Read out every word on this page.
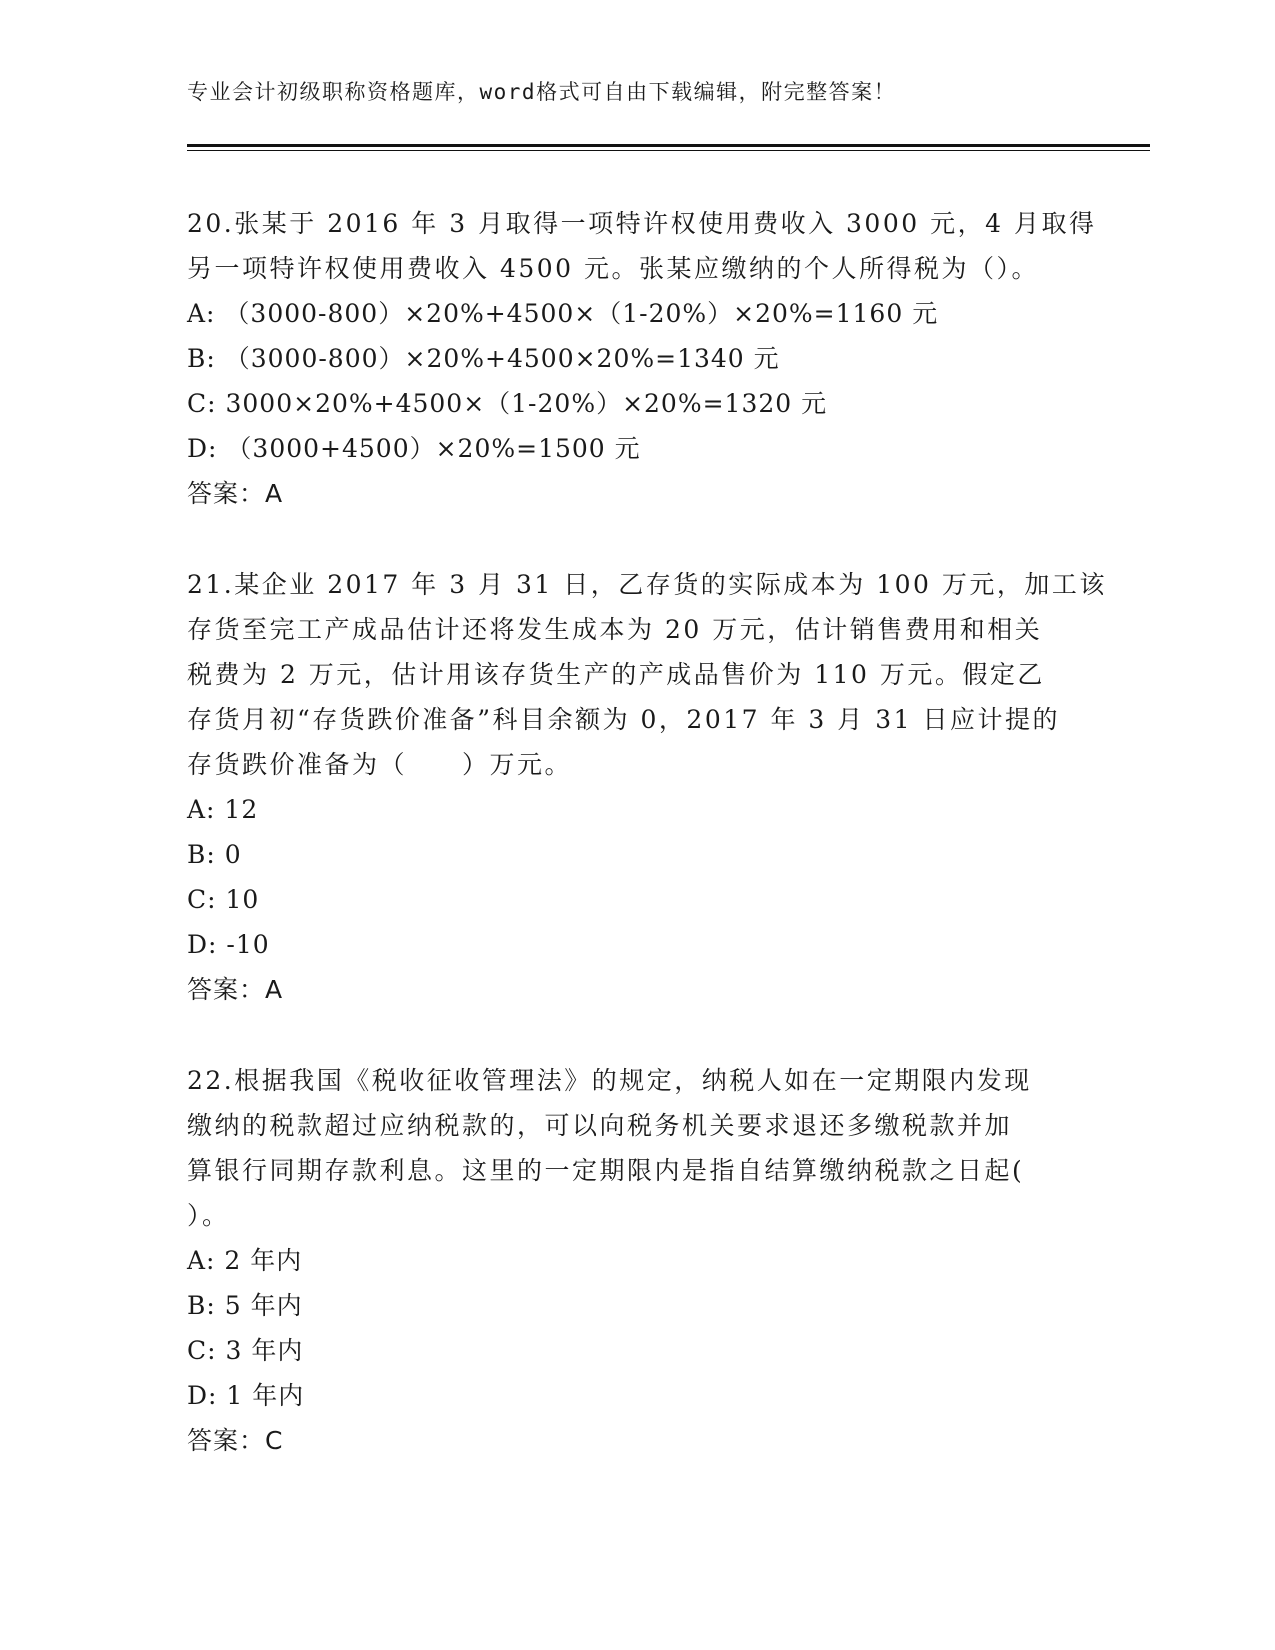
专业会计初级职称资格题库，word格式可自由下载编辑，附完整答案！
20.张某于 2016 年 3 月取得一项特许权使用费收入 3000 元，4 月取得
另一项特许权使用费收入 4500 元。张某应缴纳的个人所得税为（）。
A: （3000-800）×20%+4500×（1-20%）×20%=1160 元
B: （3000-800）×20%+4500×20%=1340 元
C: 3000×20%+4500×（1-20%）×20%=1320 元
D: （3000+4500）×20%=1500 元
答案：A
21.某企业 2017 年 3 月 31 日，乙存货的实际成本为 100 万元，加工该
存货至完工产成品估计还将发生成本为 20 万元，估计销售费用和相关
税费为 2 万元，估计用该存货生产的产成品售价为 110 万元。假定乙
存货月初“存货跌价准备”科目余额为 0，2017 年 3 月 31 日应计提的
存货跌价准备为（　　）万元。
A: 12
B: 0
C: 10
D: -10
答案：A
22.根据我国《税收征收管理法》的规定，纳税人如在一定期限内发现
缴纳的税款超过应纳税款的，可以向税务机关要求退还多缴税款并加
算银行同期存款利息。这里的一定期限内是指自结算缴纳税款之日起(
）。
A: 2 年内
B: 5 年内
C: 3 年内
D: 1 年内
答案：C
